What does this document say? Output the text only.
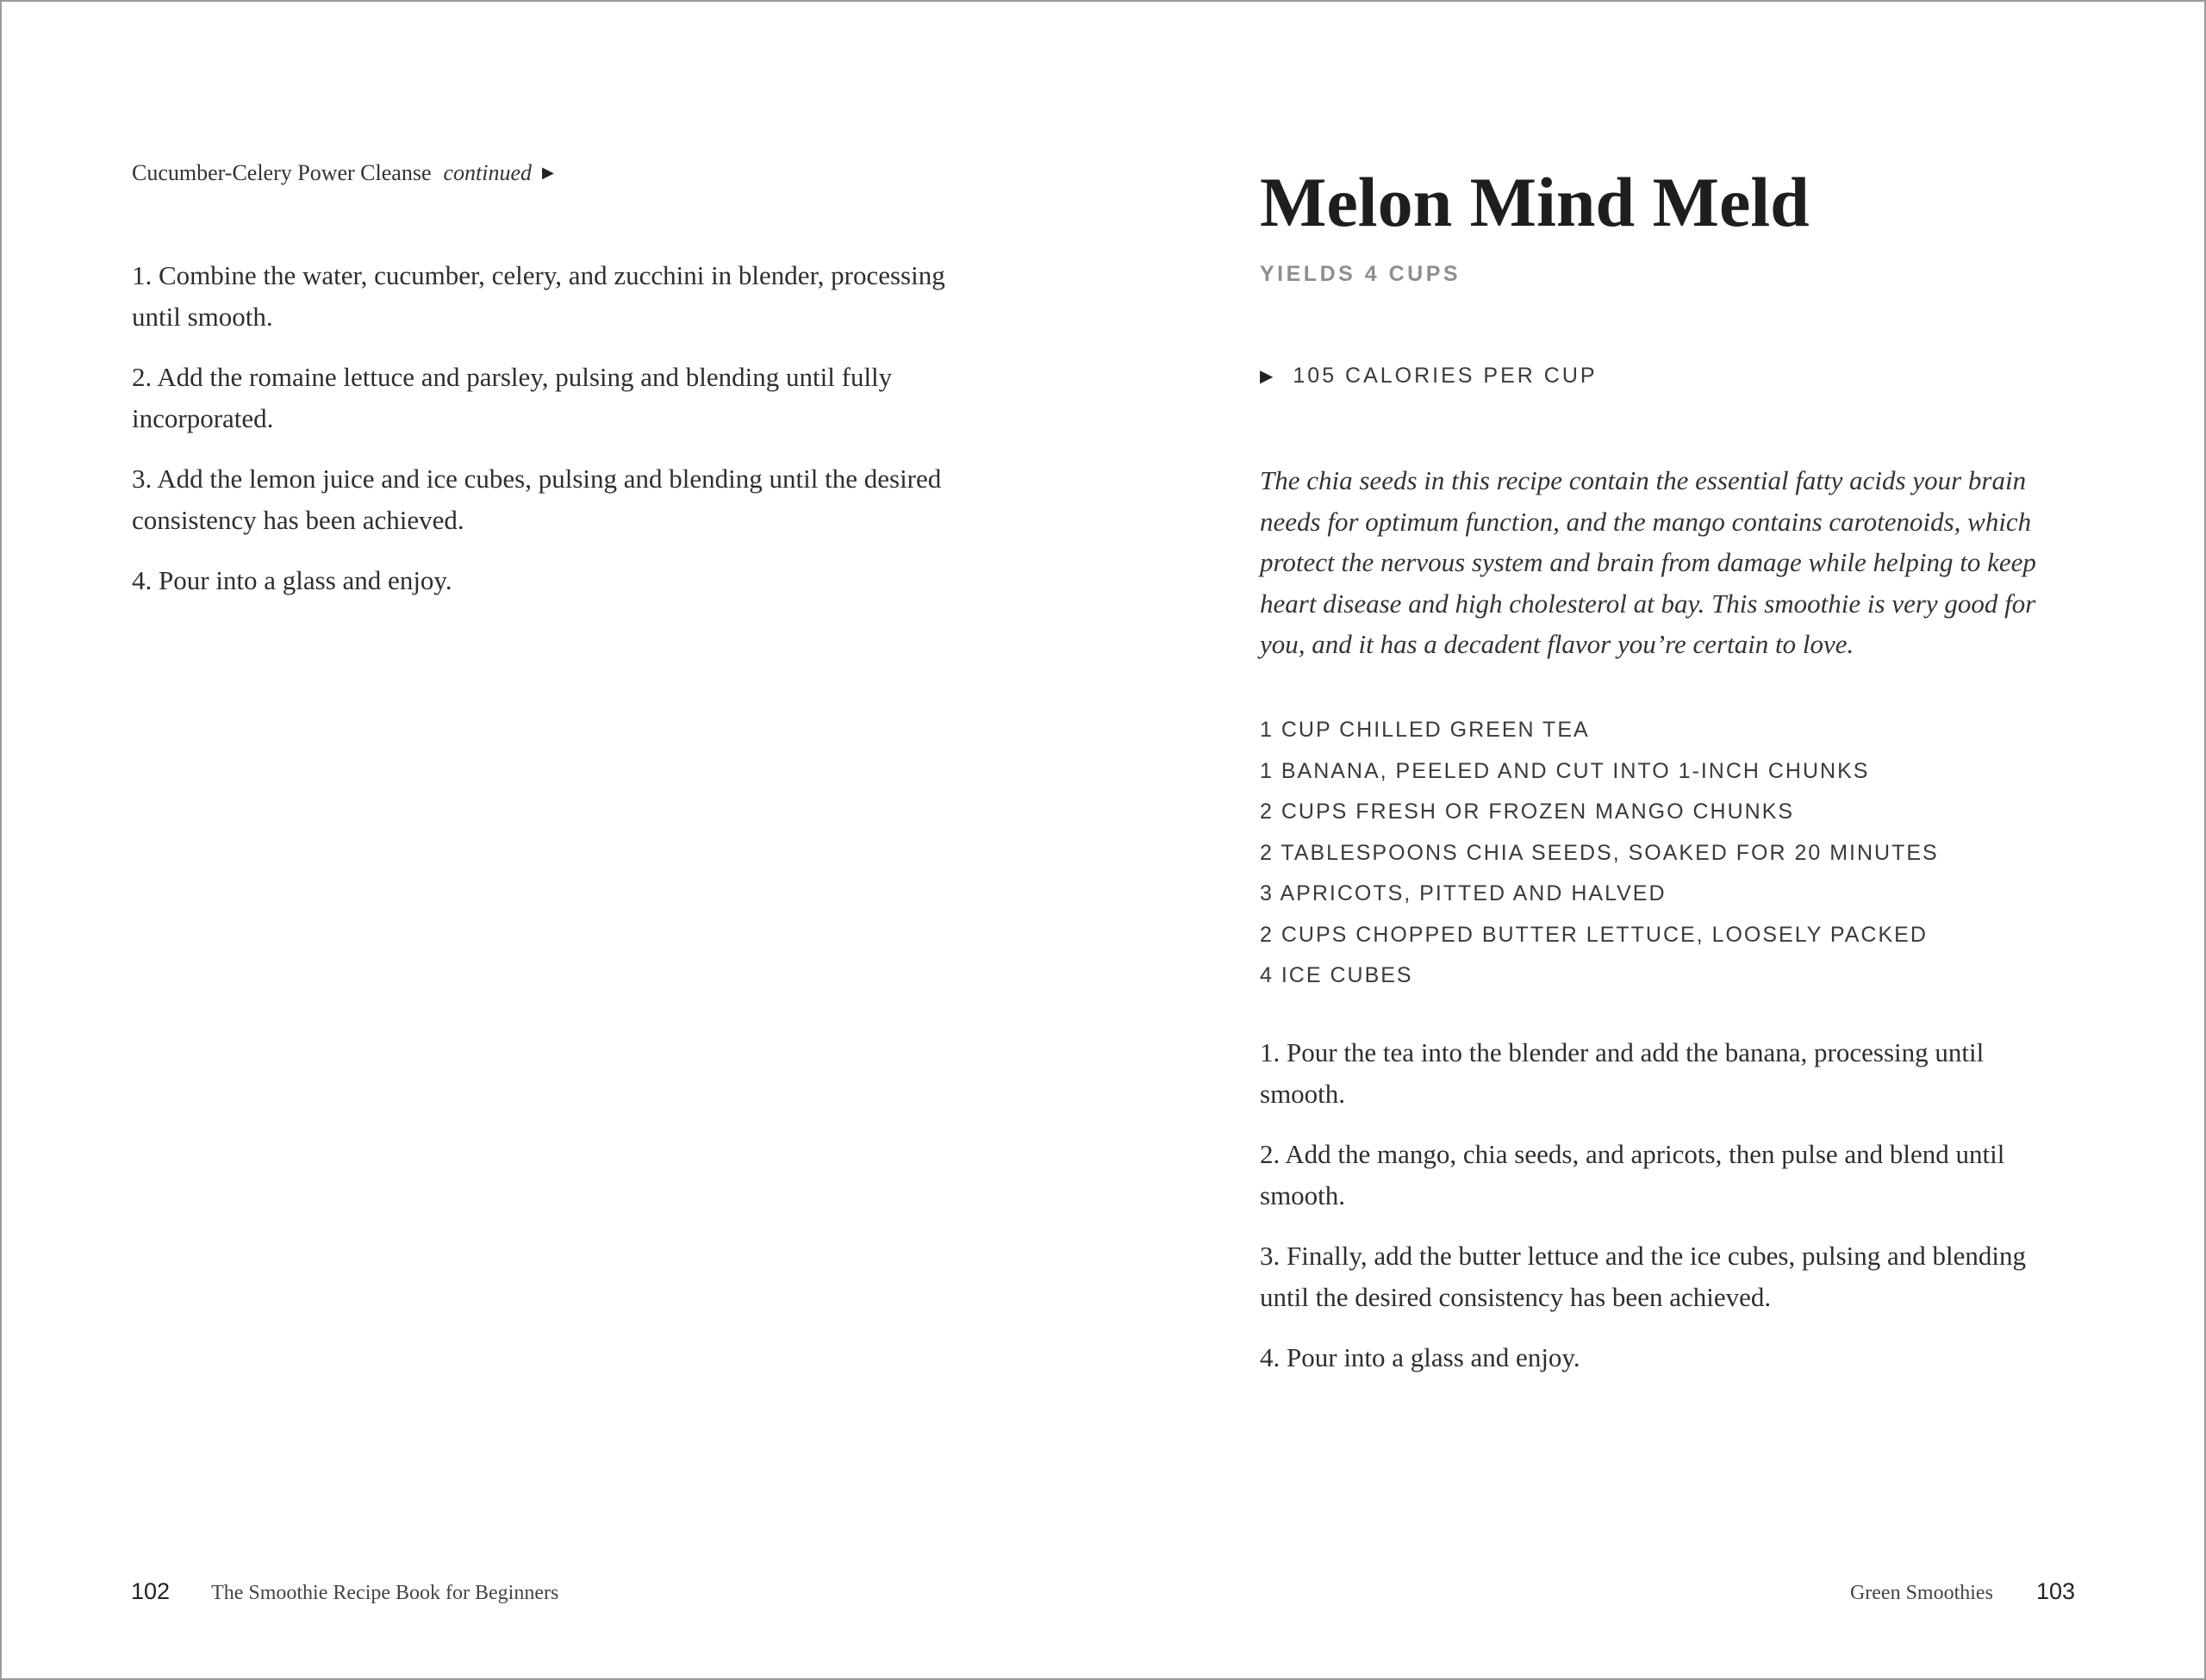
Cucumber-Celery Power Cleanse continued ▶

1. Combine the water, cucumber, celery, and zucchini in blender, processing until smooth.

2. Add the romaine lettuce and parsley, pulsing and blending until fully incorporated.

3. Add the lemon juice and ice cubes, pulsing and blending until the desired consistency has been achieved.

4. Pour into a glass and enjoy.

Melon Mind Meld
YIELDS 4 CUPS
▶ 105 CALORIES PER CUP

The chia seeds in this recipe contain the essential fatty acids your brain needs for optimum function, and the mango contains carotenoids, which protect the nervous system and brain from damage while helping to keep heart disease and high cholesterol at bay. This smoothie is very good for you, and it has a decadent flavor you’re certain to love.

1 CUP CHILLED GREEN TEA
1 BANANA, PEELED AND CUT INTO 1-INCH CHUNKS
2 CUPS FRESH OR FROZEN MANGO CHUNKS
2 TABLESPOONS CHIA SEEDS, SOAKED FOR 20 MINUTES
3 APRICOTS, PITTED AND HALVED
2 CUPS CHOPPED BUTTER LETTUCE, LOOSELY PACKED
4 ICE CUBES

1. Pour the tea into the blender and add the banana, processing until smooth.

2. Add the mango, chia seeds, and apricots, then pulse and blend until smooth.

3. Finally, add the butter lettuce and the ice cubes, pulsing and blending until the desired consistency has been achieved.

4. Pour into a glass and enjoy.

102 The Smoothie Recipe Book for Beginners	Green Smoothies 103
